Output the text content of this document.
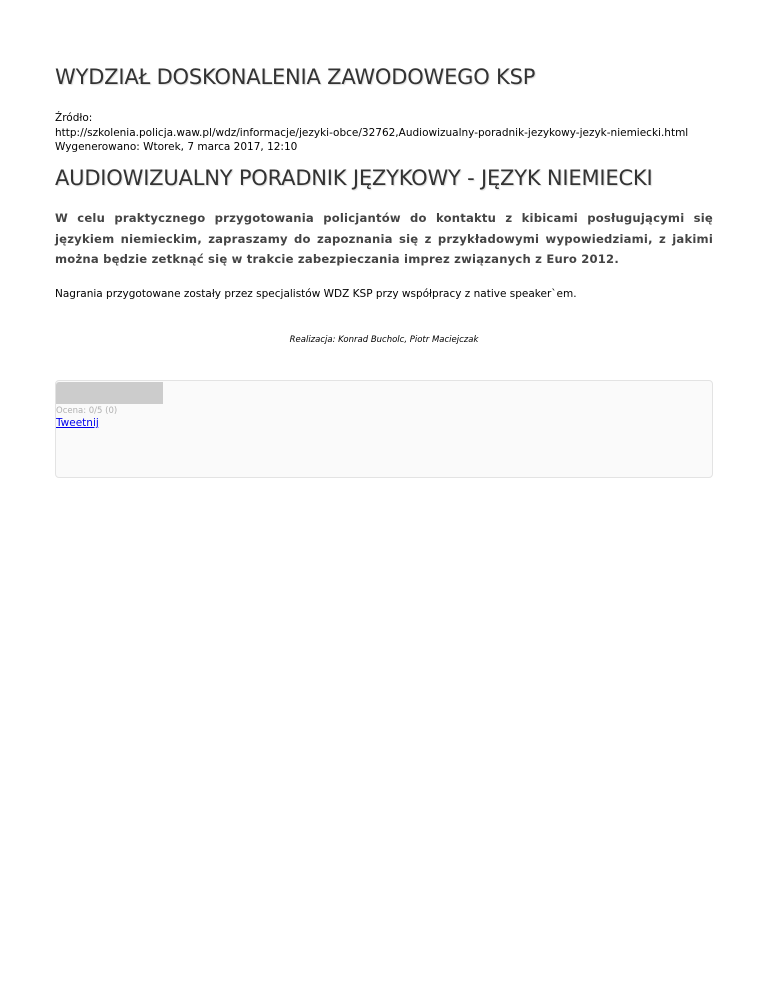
WYDZIAŁ DOSKONALENIA ZAWODOWEGO KSP
Źródło:
http://szkolenia.policja.waw.pl/wdz/informacje/jezyki-obce/32762,Audiowizualny-poradnik-jezykowy-jezyk-niemiecki.html
Wygenerowano: Wtorek, 7 marca 2017, 12:10
AUDIOWIZUALNY PORADNIK JĘZYKOWY - JĘZYK NIEMIECKI

W celu praktycznego przygotowania policjantów do kontaktu z kibicami posługującymi się językiem niemieckim, zapraszamy do zapoznania się z przykładowymi wypowiedziami, z jakimi można będzie zetknąć się w trakcie zabezpieczania imprez związanych z Euro 2012.

Nagrania przygotowane zostały przez specjalistów WDZ KSP przy współpracy z native speaker`em.

Realizacja: Konrad Bucholc, Piotr Maciejczak

Ocena: 0/5 (0)
Tweetnij
